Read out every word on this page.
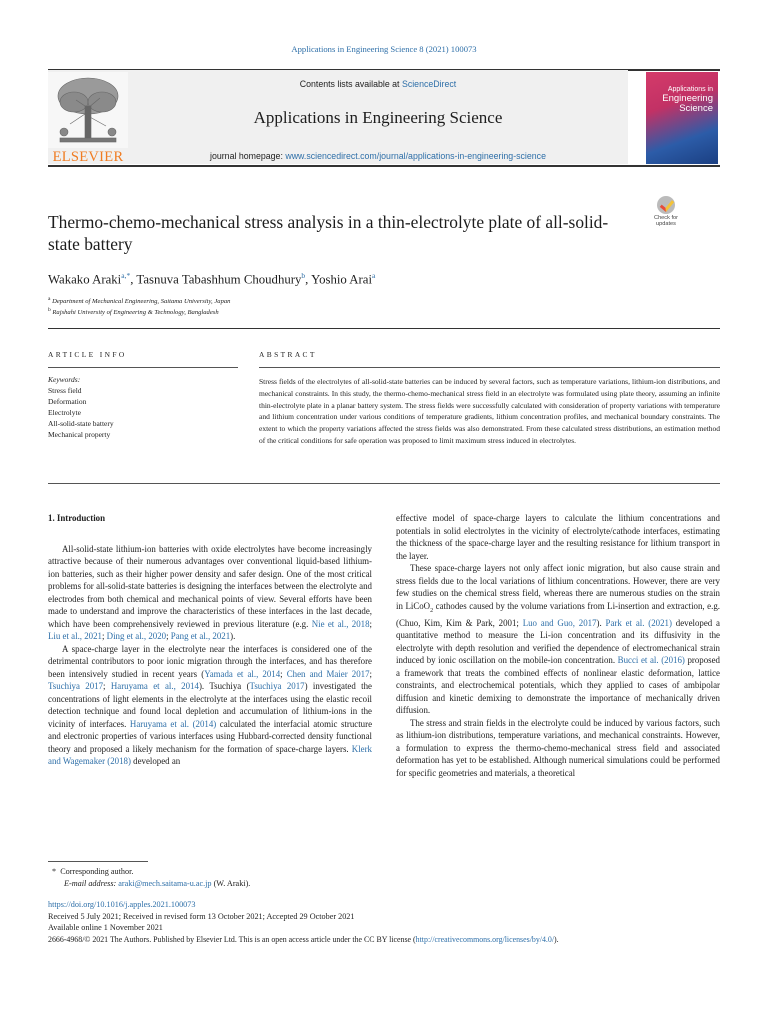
Applications in Engineering Science 8 (2021) 100073
ELSEVIER
Contents lists available at ScienceDirect
Applications in Engineering Science
journal homepage: www.sciencedirect.com/journal/applications-in-engineering-science
Applications in
Engineering
Science
Thermo-chemo-mechanical stress analysis in a thin-electrolyte plate of all-solid-state battery
Check for updates
Wakako Araki$^{a,*}$, Tasnuva Tabashhum Choudhury$^b$, Yoshio Arai$^a$
$^a$ Department of Mechanical Engineering, Saitama University, Japan
$^b$ Rajshahi University of Engineering & Technology, Bangladesh
ARTICLE INFO	ABSTRACT
Keywords:
Stress field
Deformation
Electrolyte
All-solid-state battery
Mechanical property
Stress fields of the electrolytes of all-solid-state batteries can be induced by several factors, such as temperature variations, lithium-ion distributions, and mechanical constraints. In this study, the thermo-chemo-mechanical stress field in an electrolyte was formulated using plate theory, assuming an infinite thin-electrolyte plate in a planar battery system. The stress fields were successfully calculated with consideration of property variations with temperature and lithium concentration under various conditions of temperature gradients, lithium concentration profiles, and mechanical boundary constraints. The extent to which the property variations affected the stress fields was also demonstrated. From these calculated stress distributions, an estimation method of the critical conditions for safe operation was proposed to limit maximum stress induced in electrolytes.
1. Introduction

All-solid-state lithium-ion batteries with oxide electrolytes have become increasingly attractive because of their numerous advantages over conventional liquid-based lithium-ion batteries, such as their higher power density and safer design. One of the most critical problems for all-solid-state batteries is designing the interfaces between the electrolyte and electrodes from both chemical and mechanical points of view. Several efforts have been made to understand and improve the characteristics of these interfaces in the last decade, which have been comprehensively reviewed in previous literature (e.g. Nie et al., 2018; Liu et al., 2021; Ding et al., 2020; Pang et al., 2021).

A space-charge layer in the electrolyte near the interfaces is considered one of the detrimental contributors to poor ionic migration through the interfaces, and has therefore been intensively studied in recent years (Yamada et al., 2014; Chen and Maier 2017; Tsuchiya 2017; Haruyama et al., 2014). Tsuchiya (Tsuchiya 2017) investigated the concentrations of light elements in the electrolyte at the interfaces using the elastic recoil detection technique and found local depletion and accumulation of lithium-ions in the vicinity of interfaces. Haruyama et al. (2014) calculated the interfacial atomic structure and electronic properties of various interfaces using Hubbard-corrected density functional theory and proposed a likely mechanism for the formation of space-charge layers. Klerk and Wagemaker (2018) developed an

effective model of space-charge layers to calculate the lithium concentrations and potentials in solid electrolytes in the vicinity of electrolyte/cathode interfaces, estimating the thickness of the space-charge layer and the resulting resistance for lithium transport in the layer.

These space-charge layers not only affect ionic migration, but also cause strain and stress fields due to the local variations of lithium concentrations. However, there are very few studies on the chemical stress field, whereas there are numerous studies on the strain in LiCoO$_2$ cathodes caused by the volume variations from Li-insertion and extraction, e.g. (Chuo, Kim, Kim & Park, 2001; Luo and Guo, 2017). Park et al. (2021) developed a quantitative method to measure the Li-ion concentration and its diffusivity in the electrolyte with depth resolution and verified the dependence of electromechanical strain induced by ionic oscillation on the mobile-ion concentration. Bucci et al. (2016) proposed a framework that treats the combined effects of nonlinear elastic deformation, lattice constraints, and electrochemical potentials, which they applied to cases of ambipolar diffusion and kinetic demixing to demonstrate the importance of mechanically driven diffusion.

The stress and strain fields in the electrolyte could be induced by various factors, such as lithium-ion distributions, temperature variations, and mechanical constraints. However, a formulation to express the thermo-chemo-mechanical stress field and associated deformation has yet to be established. Although numerical simulations could be performed for specific geometries and materials, a theoretical

* Corresponding author.
E-mail address: araki@mech.saitama-u.ac.jp (W. Araki).
https://doi.org/10.1016/j.apples.2021.100073
Received 5 July 2021; Received in revised form 13 October 2021; Accepted 29 October 2021
Available online 1 November 2021
2666-4968/© 2021 The Authors. Published by Elsevier Ltd. This is an open access article under the CC BY license (http://creativecommons.org/licenses/by/4.0/).
